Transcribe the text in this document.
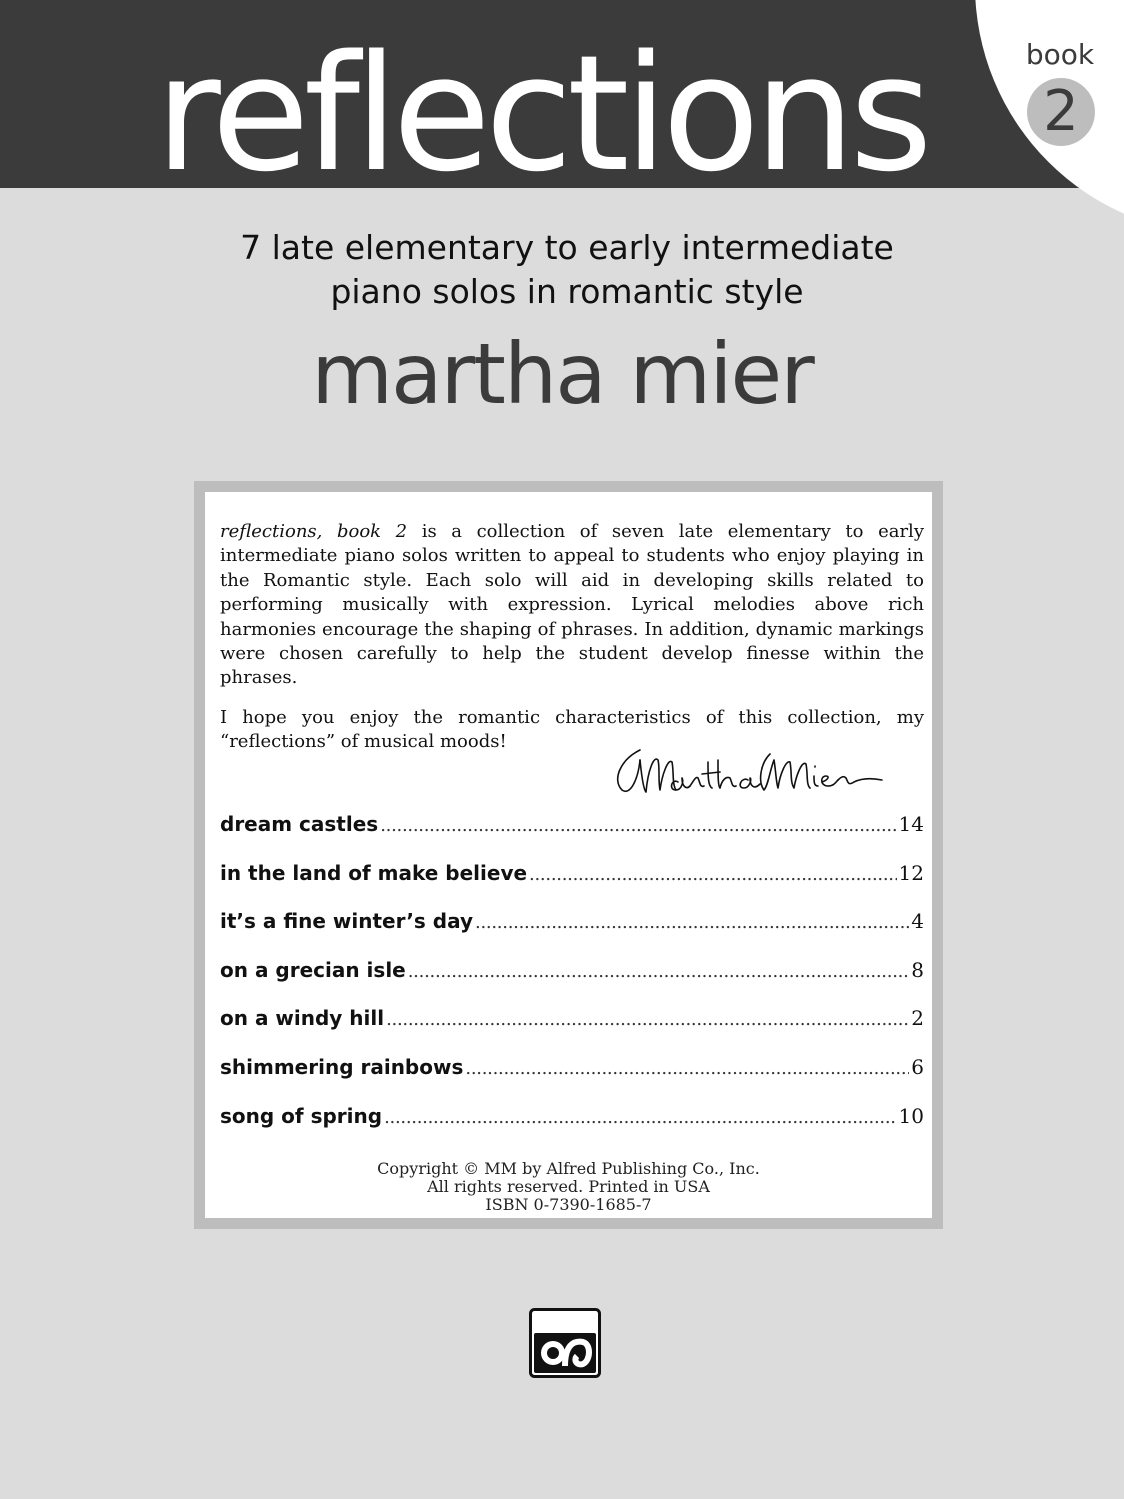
book
2
reflections
7 late elementary to early intermediate
piano solos in romantic style
martha mier

reflections, book 2 is a collection of seven late elementary to early intermediate piano solos written to appeal to students who enjoy playing in the Romantic style. Each solo will aid in developing skills related to performing musically with expression. Lyrical melodies above rich harmonies encourage the shaping of phrases. In addition, dynamic markings were chosen carefully to help the student develop finesse within the phrases.

I hope you enjoy the romantic characteristics of this collection, my “reflections” of musical moods!

dream castles . . .	14
in the land of make believe . . .	12
it’s a fine winter’s day . . .	4
on a grecian isle . . .	8
on a windy hill . . .	2
shimmering rainbows . . .	6
song of spring . . .	10
Copyright © MM by Alfred Publishing Co., Inc.
All rights reserved. Printed in USA
ISBN 0-7390-1685-7
